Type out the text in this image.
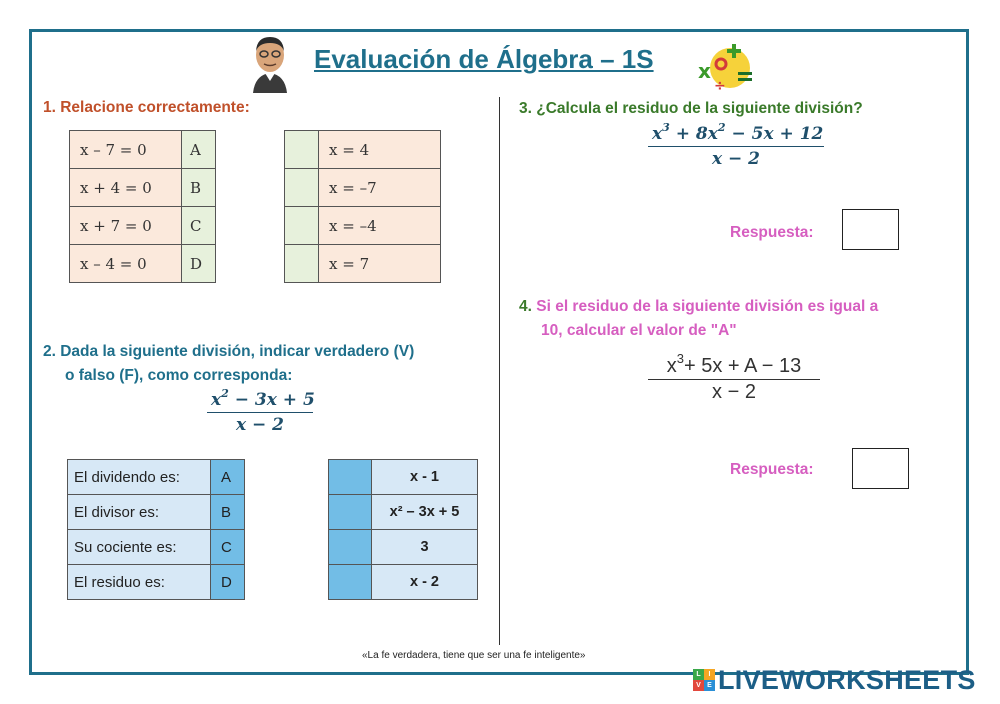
Evaluación de Álgebra – 1S x
÷
1. Relacione correctamente:
x – 7 = 0	A
x + 4 = 0	B
x + 7 = 0	C
x – 4 = 0	D
	x = 4
	x = –7
	x = –4
	x = 7
2. Dada la siguiente división, indicar verdadero (V)
o falso (F), como corresponda:
$\frac{x^2 - 3x + 5}{x - 2}$
El dividendo es:	A
El divisor es:	B
Su cociente es:	C
El residuo es:	D
	x - 1
	x² – 3x + 5
	3
	x - 2
3. ¿Calcula el residuo de la siguiente división?
$\frac{x^3 + 8x^2 - 5x + 12}{x - 2}$
Respuesta:
4. Si el residuo de la siguiente división es igual a
10, calcular el valor de "A"
$\frac{x^3+ 5x + A - 13}{x - 2}$
Respuesta:
«La fe verdadera, tiene que ser una fe inteligente»
L	I
V E LIVEWORKSHEETS
